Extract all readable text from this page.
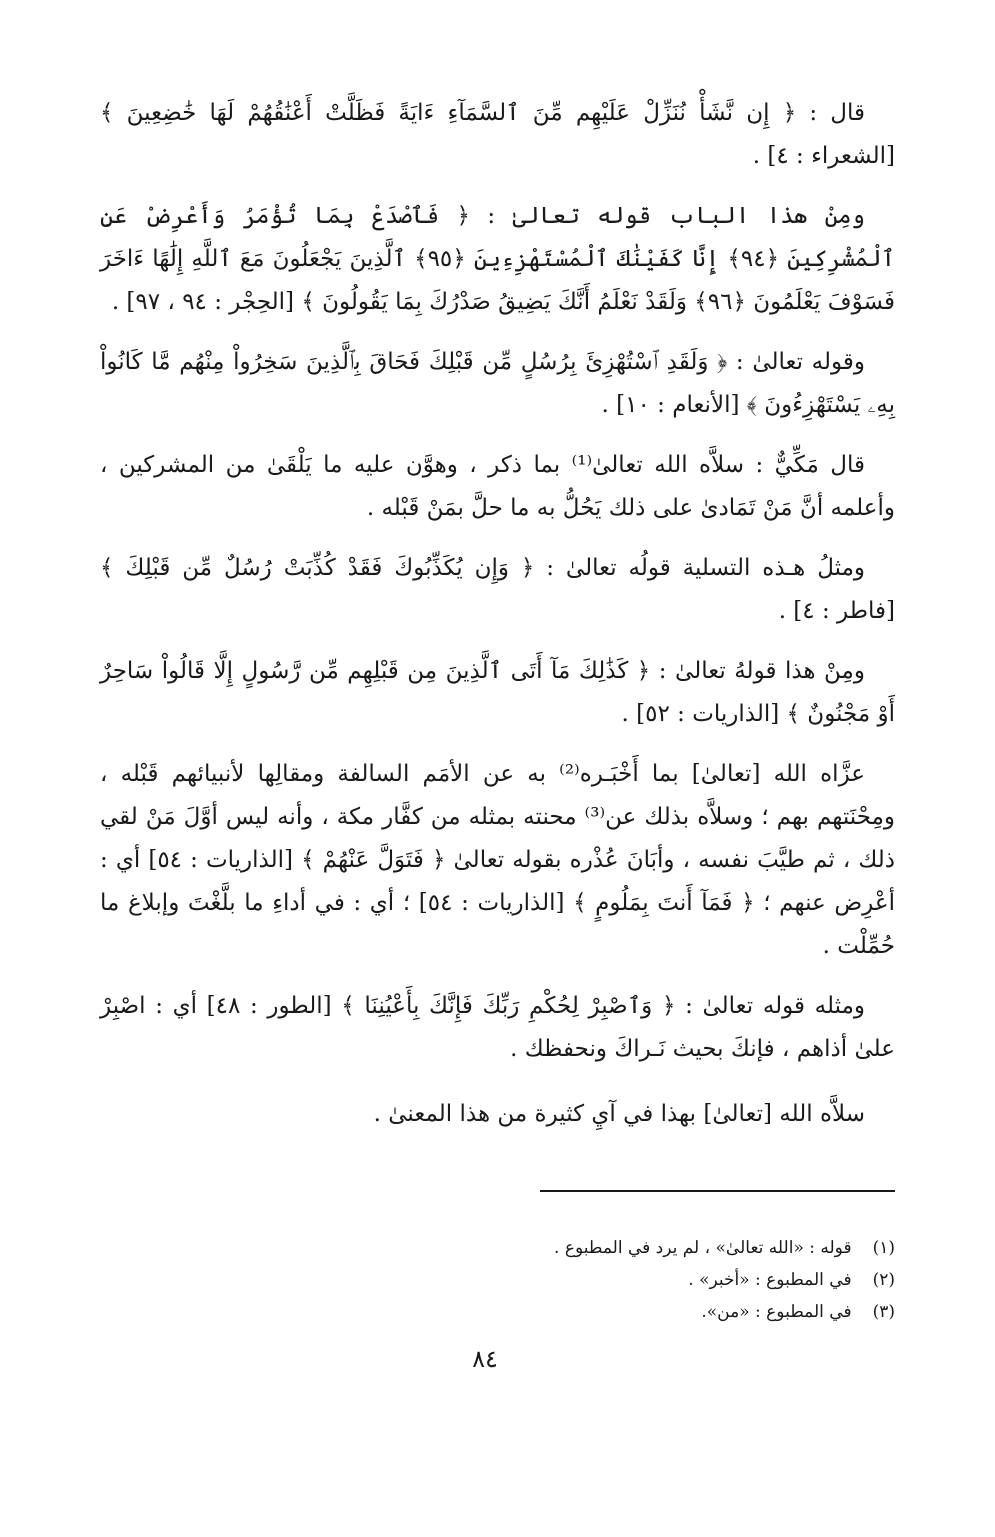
قال : ﴿ إِن نَّشَأْ نُنَزِّلْ عَلَيْهِم مِّنَ ٱلسَّمَآءِ ءَايَةً فَظَلَّتْ أَعْنَٰقُهُمْ لَهَا خَٰضِعِينَ ﴾ [الشعراء : ٤] .

ومِنْ هذا الباب قوله تعالىٰ : ﴿ فَٱصْدَعْ بِمَا تُؤْمَرُ وَأَعْرِضْ عَنِ ٱلْمُشْرِكِينَ ﴿٩٤﴾ إِنَّا كَفَيْنَٰكَ ٱلْمُسْتَهْزِءِينَ ﴿٩٥﴾ ٱلَّذِينَ يَجْعَلُونَ مَعَ ٱللَّهِ إِلَٰهًا ءَاخَرَ فَسَوْفَ يَعْلَمُونَ ﴿٩٦﴾ وَلَقَدْ نَعْلَمُ أَنَّكَ يَضِيقُ صَدْرُكَ بِمَا يَقُولُونَ ﴾ [الحِجْر : ٩٤ ، ٩٧] .

وقوله تعالىٰ : ﴿ وَلَقَدِ ٱسْتُهْزِئَ بِرُسُلٍ مِّن قَبْلِكَ فَحَاقَ بِٱلَّذِينَ سَخِرُواْ مِنْهُم مَّا كَانُواْ بِهِۦ يَسْتَهْزِءُونَ ﴾ [الأنعام : ١٠] .

قال مَكِّيٌّ : سلاَّه الله تعالىٰ⁽¹⁾ بما ذكر ، وهوَّن عليه ما يَلْقَىٰ من المشركين ، وأعلمه أنَّ مَنْ تَمَادىٰ على ذلك يَحُلُّ به ما حلَّ بمَنْ قَبْله .

ومثلُ هـذه التسلية قولُه تعالىٰ : ﴿ وَإِن يُكَذِّبُوكَ فَقَدْ كُذِّبَتْ رُسُلٌ مِّن قَبْلِكَ ﴾ [فاطر : ٤] .

ومِنْ هذا قولهُ تعالىٰ : ﴿ كَذَٰلِكَ مَآ أَتَى ٱلَّذِينَ مِن قَبْلِهِم مِّن رَّسُولٍ إِلَّا قَالُواْ سَاحِرٌ أَوْ مَجْنُونٌ ﴾ [الذاريات : ٥٢] .

عزَّاه الله [تعالىٰ] بما أَخْبَـره⁽²⁾ به عن الأمَم السالفة ومقالِها لأنبيائهم قَبْله ، ومِحْنَتهم بهم ؛ وسلاَّه بذلك عن⁽³⁾ محنته بمثله من كفَّار مكة ، وأنه ليس أوَّلَ مَنْ لقي ذلك ، ثم طيَّبَ نفسه ، وأبَانَ عُذْره بقوله تعالىٰ ﴿ فَتَوَلَّ عَنْهُمْ ﴾ [الذاريات : ٥٤] أي : أعْرِض عنهم ؛ ﴿ فَمَآ أَنتَ بِمَلُومٍ ﴾ [الذاريات : ٥٤] ؛ أي : في أداءِ ما بلَّغْتَ وإبلاغ ما حُمِّلْت .

ومثله قوله تعالىٰ : ﴿ وَٱصْبِرْ لِحُكْمِ رَبِّكَ فَإِنَّكَ بِأَعْيُنِنَا ﴾ [الطور : ٤٨] أي : اصْبِرْ علىٰ أذاهم ، فإنكَ بحيث نَـراكَ ونحفظك .

سلاَّه الله [تعالىٰ] بهذا في آيِ كثيرة من هذا المعنىٰ .

(١) قوله : «الله تعالىٰ» ، لم يرد في المطبوع .
(٢) في المطبوع : «أخبر» .
(٣) في المطبوع : «من».
٨٤
